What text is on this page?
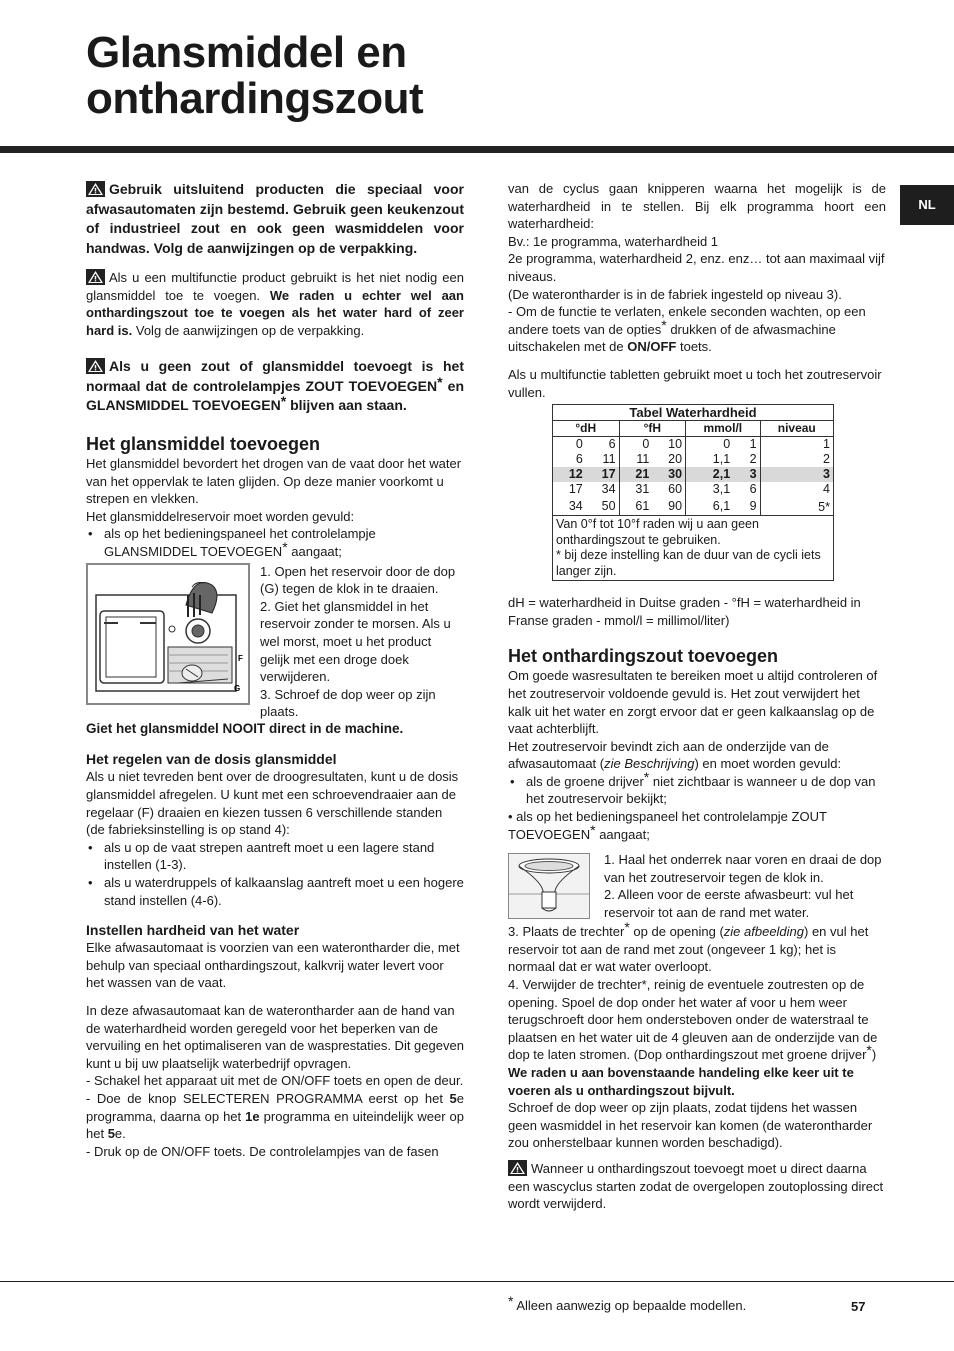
Glansmiddel en
onthardingszout
NL

Gebruik uitsluitend producten die speciaal voor afwasautomaten zijn bestemd. Gebruik geen keukenzout of industrieel zout en ook geen wasmiddelen voor handwas. Volg de aanwijzingen op de verpakking.

Als u een multifunctie product gebruikt is het niet nodig een glansmiddel toe te voegen. We raden u echter wel aan onthardingszout toe te voegen als het water hard of zeer hard is. Volg de aanwijzingen op de verpakking.

Als u geen zout of glansmiddel toevoegt is het normaal dat de controlelampjes ZOUT TOEVOEGEN* en GLANSMIDDEL TOEVOEGEN* blijven aan staan.

Het glansmiddel toevoegen

Het glansmiddel bevordert het drogen van de vaat door het water van het oppervlak te laten glijden. Op deze manier voorkomt u strepen en vlekken.

Het glansmiddelreservoir moet worden gevuld:

• als op het bedieningspaneel het controlelampje GLANSMIDDEL TOEVOEGEN* aangaat;
F
G

1. Open het reservoir door de dop (G) tegen de klok in te draaien.

2. Giet het glansmiddel in het reservoir zonder te morsen. Als u wel morst, moet u het product gelijk met een droge doek verwijderen.

3. Schroef de dop weer op zijn plaats.

Giet het glansmiddel NOOIT direct in de machine.

Het regelen van de dosis glansmiddel

Als u niet tevreden bent over de droogresultaten, kunt u de dosis glansmiddel afregelen. U kunt met een schroevendraaier aan de regelaar (F) draaien en kiezen tussen 6 verschillende standen (de fabrieksinstelling is op stand 4):

• als u op de vaat strepen aantreft moet u een lagere stand instellen (1-3).
• als u waterdruppels of kalkaanslag aantreft moet u een hogere stand instellen (4-6).
Instellen hardheid van het water

Elke afwasautomaat is voorzien van een waterontharder die, met behulp van speciaal onthardingszout, kalkvrij water levert voor het wassen van de vaat.

In deze afwasautomaat kan de waterontharder aan de hand van de waterhardheid worden geregeld voor het beperken van de vervuiling en het optimaliseren van de wasprestaties. Dit gegeven kunt u bij uw plaatselijk waterbedrijf opvragen.

- Schakel het apparaat uit met de ON/OFF toets en open de deur.

- Doe de knop SELECTEREN PROGRAMMA eerst op het 5e programma, daarna op het 1e programma en uiteindelijk weer op het 5e.

- Druk op de ON/OFF toets. De controlelampjes van de fasen

van de cyclus gaan knipperen waarna het mogelijk is de waterhardheid in te stellen. Bij elk programma hoort een waterhardheid:

Bv.: 1e programma, waterhardheid 1

2e programma, waterhardheid 2, enz. enz… tot aan maximaal vijf niveaus.

(De waterontharder is in de fabriek ingesteld op niveau 3).

- Om de functie te verlaten, enkele seconden wachten, op een andere toets van de opties* drukken of de afwasmachine uitschakelen met de ON/OFF toets.

Als u multifunctie tabletten gebruikt moet u toch het zoutreservoir vullen.

Tabel Waterhardheid						
°dH		°fH		mmol/l		niveau
0	6	0	10	0	1	1
6	11	11	20	1,1	2	2
12	17	21	30	2,1	3	3
17	34	31	60	3,1	6	4
34	50	61	90	6,1	9	5*

Van 0°f tot 10°f raden wij u aan geen onthardingszout te gebruiken.
* bij deze instelling kan de duur van de cycli iets langer zijn.						

dH = waterhardheid in Duitse graden - °fH = waterhardheid in Franse graden - mmol/l = millimol/liter)

Het onthardingszout toevoegen

Om goede wasresultaten te bereiken moet u altijd controleren of het zoutreservoir voldoende gevuld is. Het zout verwijdert het kalk uit het water en zorgt ervoor dat er geen kalkaanslag op de vaat achterblijft.

Het zoutreservoir bevindt zich aan de onderzijde van de afwasautomaat (zie Beschrijving) en moet worden gevuld:

• als de groene drijver* niet zichtbaar is wanneer u de dop van het zoutreservoir bekijkt;

• als op het bedieningspaneel het controlelampje ZOUT TOEVOEGEN* aangaat;

1. Haal het onderrek naar voren en draai de dop van het zoutreservoir tegen de klok in.

2. Alleen voor de eerste afwasbeurt: vul het reservoir tot aan de rand met water.

3. Plaats de trechter* op de opening (zie afbeelding) en vul het reservoir tot aan de rand met zout (ongeveer 1 kg); het is normaal dat er wat water overloopt.

4. Verwijder de trechter*, reinig de eventuele zoutresten op de opening. Spoel de dop onder het water af voor u hem weer terugschroeft door hem ondersteboven onder de waterstraal te plaatsen en het water uit de 4 gleuven aan de onderzijde van de dop te laten stromen. (Dop onthardingszout met groene drijver*)

We raden u aan bovenstaande handeling elke keer uit te voeren als u onthardingszout bijvult.

Schroef de dop weer op zijn plaats, zodat tijdens het wassen geen wasmiddel in het reservoir kan komen (de waterontharder zou onherstelbaar kunnen worden beschadigd).

Wanneer u onthardingszout toevoegt moet u direct daarna een wascyclus starten zodat de overgelopen zoutoplossing direct wordt verwijderd.

* Alleen aanwezig op bepaalde modellen.	57
